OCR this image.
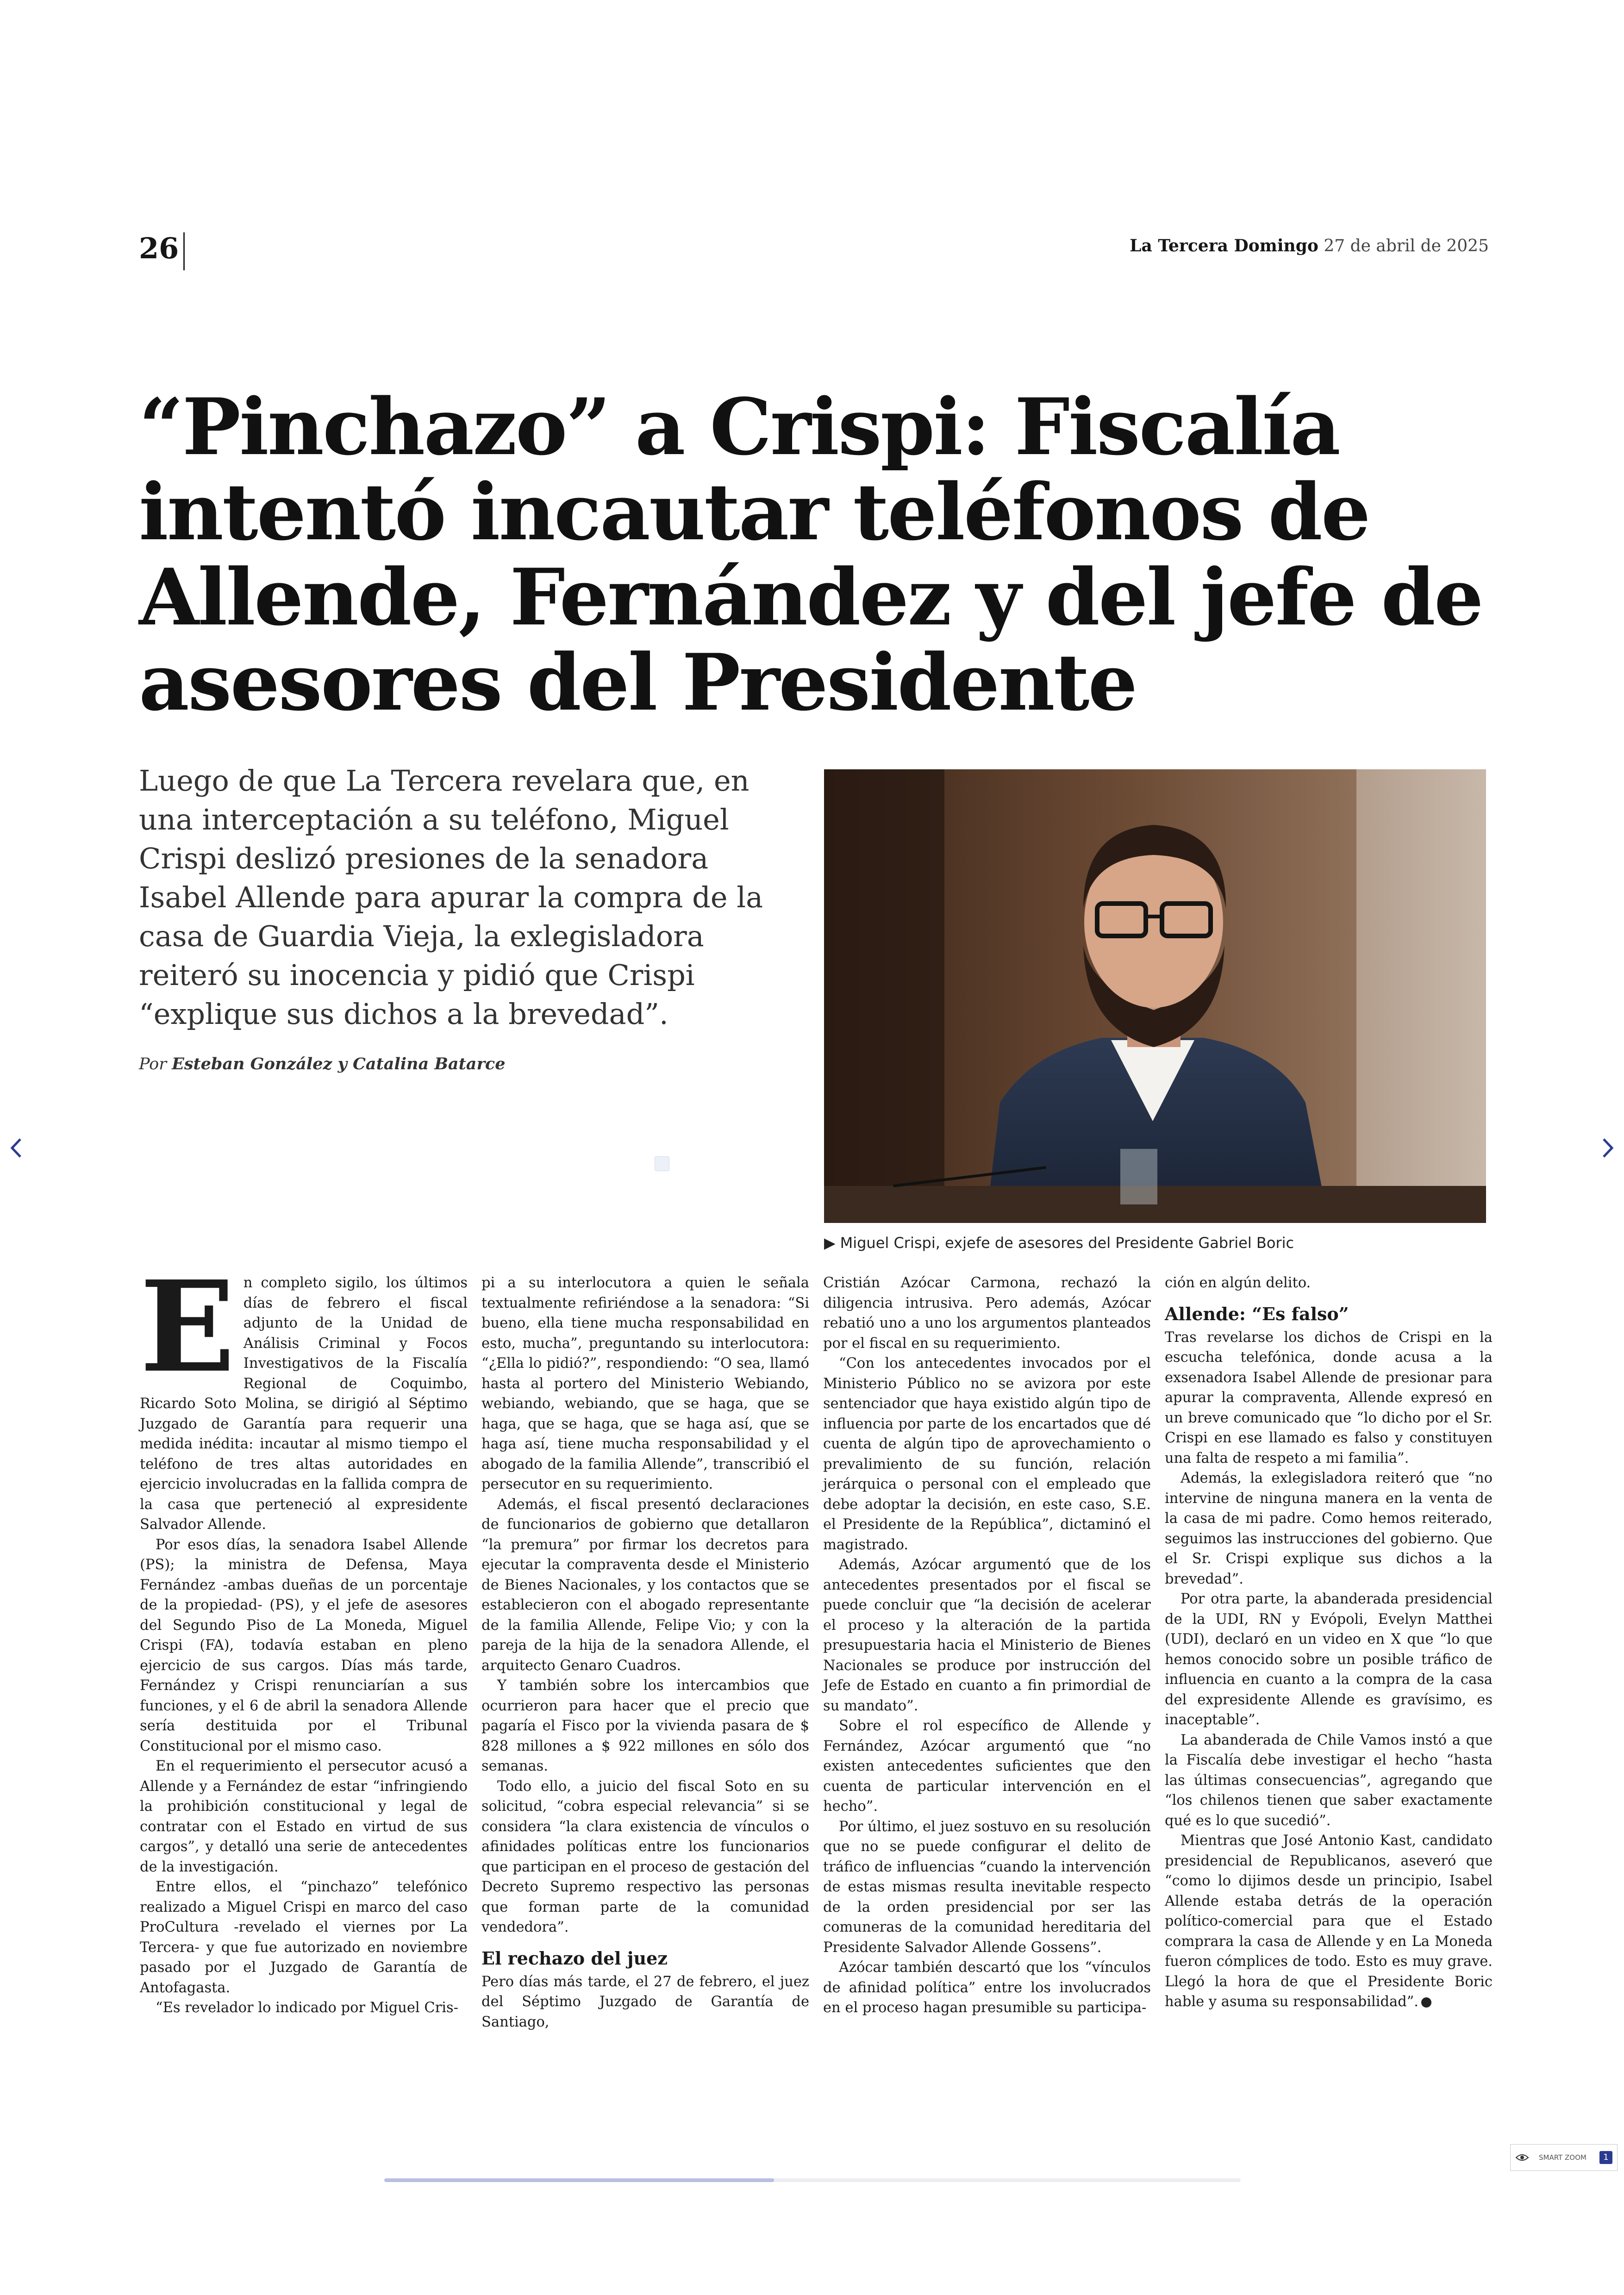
26	La Tercera Domingo 27 de abril de 2025
“Pinchazo” a Crispi: Fiscalía intentó incautar teléfonos de Allende, Fernández y del jefe de asesores del Presidente

Luego de que La Tercera revelara que, en una interceptación a su teléfono, Miguel Crispi deslizó presiones de la senadora Isabel Allende para apurar la compra de la casa de Guardia Vieja, la exlegisladora reiteró su inocencia y pidió que Crispi “explique sus dichos a la brevedad”.

Por Esteban González y Catalina Batarce
▶ Miguel Crispi, exjefe de asesores del Presidente Gabriel Boric
E n completo sigilo, los últimos días de febrero el fiscal adjunto de la Unidad de Análisis Criminal y Focos Investigativos de la Fiscalía Regional de Coquimbo, Ricardo Soto Molina, se dirigió al Séptimo Juzgado de Garantía para requerir una medida inédita: incautar al mismo tiempo el teléfono de tres altas autoridades en ejercicio involucradas en la fallida compra de la casa que perteneció al expresidente Salvador Allende.

Por esos días, la senadora Isabel Allende (PS); la ministra de Defensa, Maya Fernández -ambas dueñas de un porcentaje de la propiedad- (PS), y el jefe de asesores del Segundo Piso de La Moneda, Miguel Crispi (FA), todavía estaban en pleno ejercicio de sus cargos. Días más tarde, Fernández y Crispi renunciarían a sus funciones, y el 6 de abril la senadora Allende sería destituida por el Tribunal Constitucional por el mismo caso.

En el requerimiento el persecutor acusó a Allende y a Fernández de estar “infringiendo la prohibición constitucional y legal de contratar con el Estado en virtud de sus cargos”, y detalló una serie de antecedentes de la investigación.

Entre ellos, el “pinchazo” telefónico realizado a Miguel Crispi en marco del caso ProCultura -revelado el viernes por La Tercera- y que fue autorizado en noviembre pasado por el Juzgado de Garantía de Antofagasta.

“Es revelador lo indicado por Miguel Cris-

pi a su interlocutora a quien le señala textualmente refiriéndose a la senadora: “Si bueno, ella tiene mucha responsabilidad en esto, mucha”, preguntando su interlocutora: “¿Ella lo pidió?”, respondiendo: “O sea, llamó hasta al portero del Ministerio Webiando, webiando, webiando, que se haga, que se haga, que se haga, que se haga así, que se haga así, tiene mucha responsabilidad y el abogado de la familia Allende”, transcribió el persecutor en su requerimiento.

Además, el fiscal presentó declaraciones de funcionarios de gobierno que detallaron “la premura” por firmar los decretos para ejecutar la compraventa desde el Ministerio de Bienes Nacionales, y los contactos que se establecieron con el abogado representante de la familia Allende, Felipe Vio; y con la pareja de la hija de la senadora Allende, el arquitecto Genaro Cuadros.

Y también sobre los intercambios que ocurrieron para hacer que el precio que pagaría el Fisco por la vivienda pasara de $ 828 millones a $ 922 millones en sólo dos semanas.

Todo ello, a juicio del fiscal Soto en su solicitud, “cobra especial relevancia” si se considera “la clara existencia de vínculos o afinidades políticas entre los funcionarios que participan en el proceso de gestación del Decreto Supremo respectivo las personas que forman parte de la comunidad vendedora”.

El rechazo del juez

Pero días más tarde, el 27 de febrero, el juez del Séptimo Juzgado de Garantía de Santiago,

Cristián Azócar Carmona, rechazó la diligencia intrusiva. Pero además, Azócar rebatió uno a uno los argumentos planteados por el fiscal en su requerimiento.

“Con los antecedentes invocados por el Ministerio Público no se avizora por este sentenciador que haya existido algún tipo de influencia por parte de los encartados que dé cuenta de algún tipo de aprovechamiento o prevalimiento de su función, relación jerárquica o personal con el empleado que debe adoptar la decisión, en este caso, S.E. el Presidente de la República”, dictaminó el magistrado.

Además, Azócar argumentó que de los antecedentes presentados por el fiscal se puede concluir que “la decisión de acelerar el proceso y la alteración de la partida presupuestaria hacia el Ministerio de Bienes Nacionales se produce por instrucción del Jefe de Estado en cuanto a fin primordial de su mandato”.

Sobre el rol específico de Allende y Fernández, Azócar argumentó que “no existen antecedentes suficientes que den cuenta de particular intervención en el hecho”.

Por último, el juez sostuvo en su resolución que no se puede configurar el delito de tráfico de influencias “cuando la intervención de estas mismas resulta inevitable respecto de la orden presidencial por ser las comuneras de la comunidad hereditaria del Presidente Salvador Allende Gossens”.

Azócar también descartó que los “vínculos de afinidad política” entre los involucrados en el proceso hagan presumible su participa-

ción en algún delito.

Allende: “Es falso”

Tras revelarse los dichos de Crispi en la escucha telefónica, donde acusa a la exsenadora Isabel Allende de presionar para apurar la compraventa, Allende expresó en un breve comunicado que “lo dicho por el Sr. Crispi en ese llamado es falso y constituyen una falta de respeto a mi familia”.

Además, la exlegisladora reiteró que “no intervine de ninguna manera en la venta de la casa de mi padre. Como hemos reiterado, seguimos las instrucciones del gobierno. Que el Sr. Crispi explique sus dichos a la brevedad”.

Por otra parte, la abanderada presidencial de la UDI, RN y Evópoli, Evelyn Matthei (UDI), declaró en un video en X que “lo que hemos conocido sobre un posible tráfico de influencia en cuanto a la compra de la casa del expresidente Allende es gravísimo, es inaceptable”.

La abanderada de Chile Vamos instó a que la Fiscalía debe investigar el hecho “hasta las últimas consecuencias”, agregando que “los chilenos tienen que saber exactamente qué es lo que sucedió”.

Mientras que José Antonio Kast, candidato presidencial de Republicanos, aseveró que “como lo dijimos desde un principio, Isabel Allende estaba detrás de la operación político-comercial para que el Estado comprara la casa de Allende y en La Moneda fueron cómplices de todo. Esto es muy grave. Llegó la hora de que el Presidente Boric hable y asuma su responsabilidad”.

SMART ZOOM	1
